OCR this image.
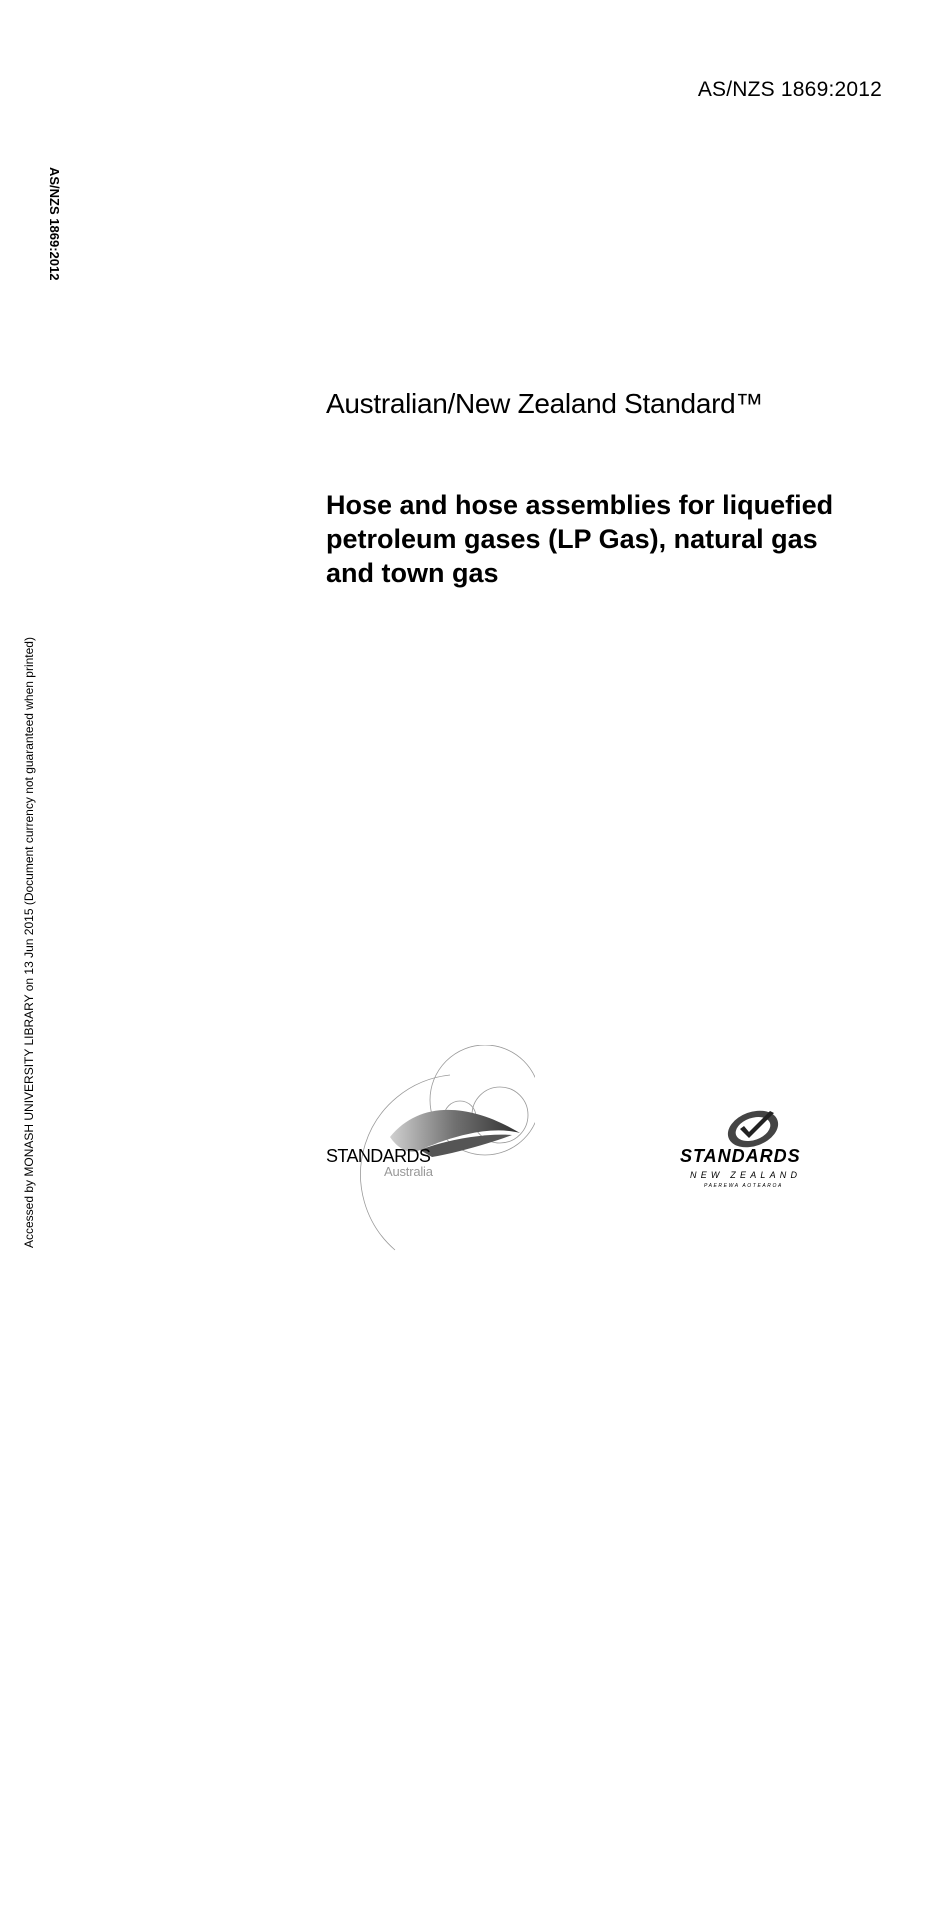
AS/NZS 1869:2012
AS/NZS 1869:2012
Accessed by MONASH UNIVERSITY LIBRARY on 13 Jun 2015 (Document currency not guaranteed when printed)
Australian/New Zealand Standard™
Hose and hose assemblies for liquefied
petroleum gases (LP Gas), natural gas
and town gas
STANDARDS
Australia
STANDARDS
NEW ZEALAND
PAEREWA AOTEAROA
